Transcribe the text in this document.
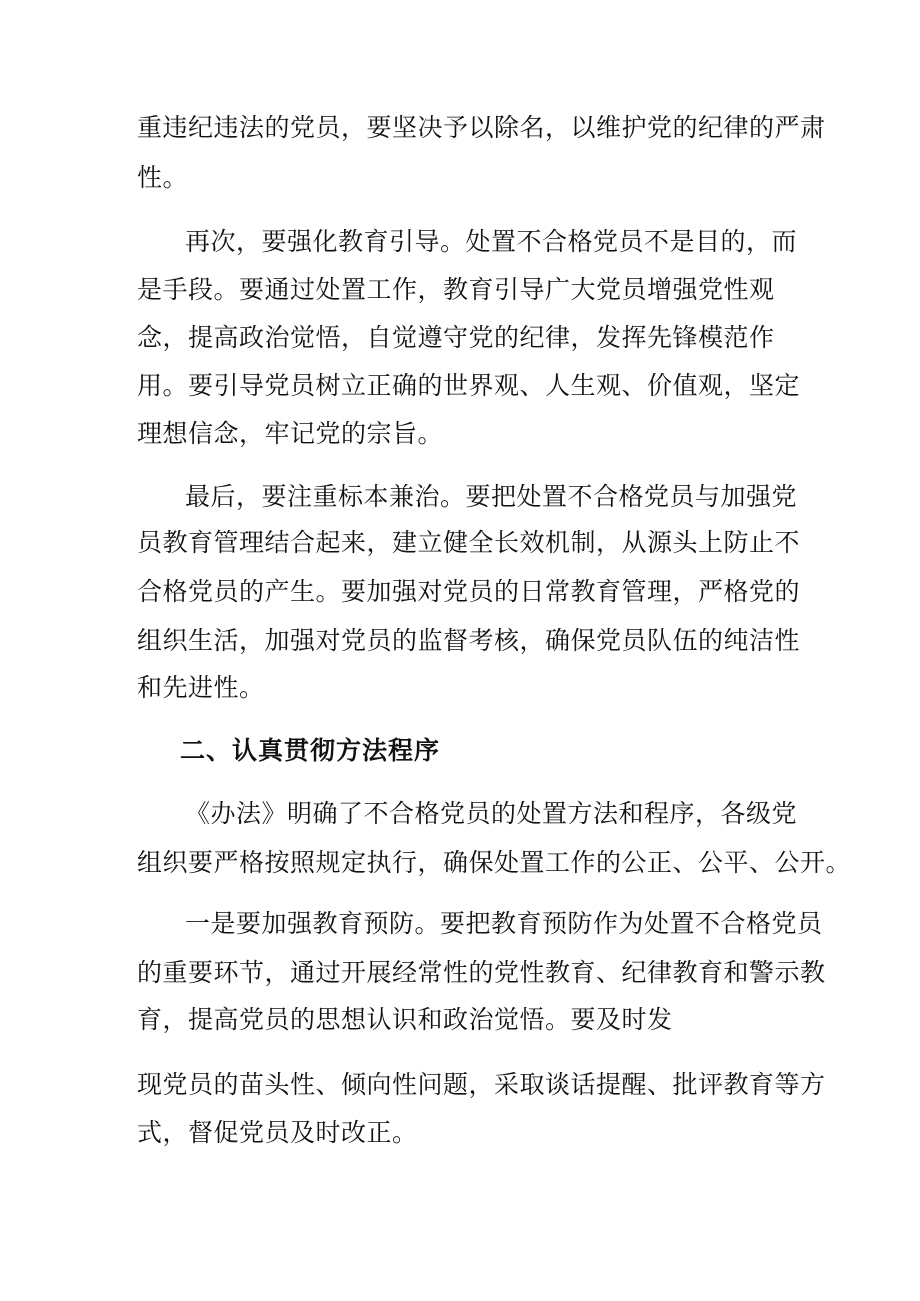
重违纪违法的党员，要坚决予以除名，以维护党的纪律的严肃
性。
再次，要强化教育引导。处置不合格党员不是目的，而
是手段。要通过处置工作，教育引导广大党员增强党性观
念，提高政治觉悟，自觉遵守党的纪律，发挥先锋模范作
用。要引导党员树立正确的世界观、人生观、价值观，坚定
理想信念，牢记党的宗旨。
最后，要注重标本兼治。要把处置不合格党员与加强党
员教育管理结合起来，建立健全长效机制，从源头上防止不
合格党员的产生。要加强对党员的日常教育管理，严格党的
组织生活，加强对党员的监督考核，确保党员队伍的纯洁性
和先进性。
二、认真贯彻方法程序
《办法》明确了不合格党员的处置方法和程序，各级党
组织要严格按照规定执行，确保处置工作的公正、公平、公开。
一是要加强教育预防。要把教育预防作为处置不合格党员
的重要环节，通过开展经常性的党性教育、纪律教育和警示教
育，提高党员的思想认识和政治觉悟。要及时发
现党员的苗头性、倾向性问题，采取谈话提醒、批评教育等方
式，督促党员及时改正。
